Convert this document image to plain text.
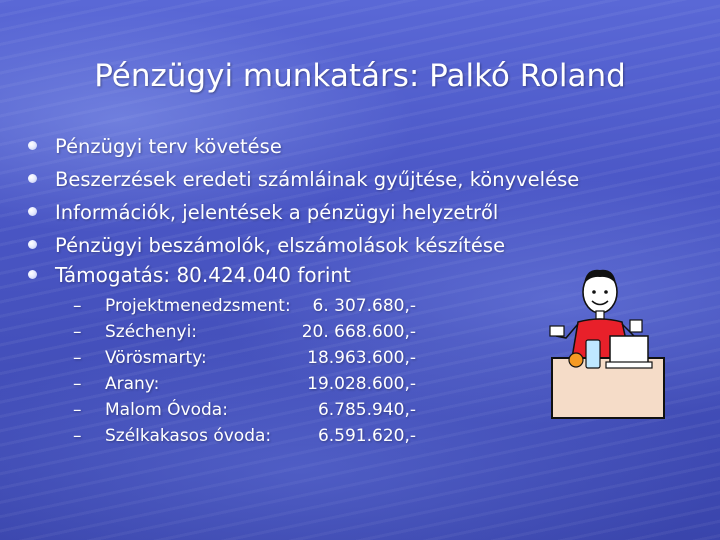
Pénzügyi munkatárs: Palkó Roland
Pénzügyi terv követése
Beszerzések eredeti számláinak gyűjtése, könyvelése
Információk, jelentések a pénzügyi helyzetről
Pénzügyi beszámolók, elszámolások készítése
Támogatás: 80.424.040 forint
–	Projektmenedzsment:	6. 307.680,-
–	Széchenyi:	20. 668.600,-
–	Vörösmarty:	18.963.600,-
–	Arany:	19.028.600,-
–	Malom Óvoda:	6.785.940,-
–	Szélkakasos óvoda:	6.591.620,-
